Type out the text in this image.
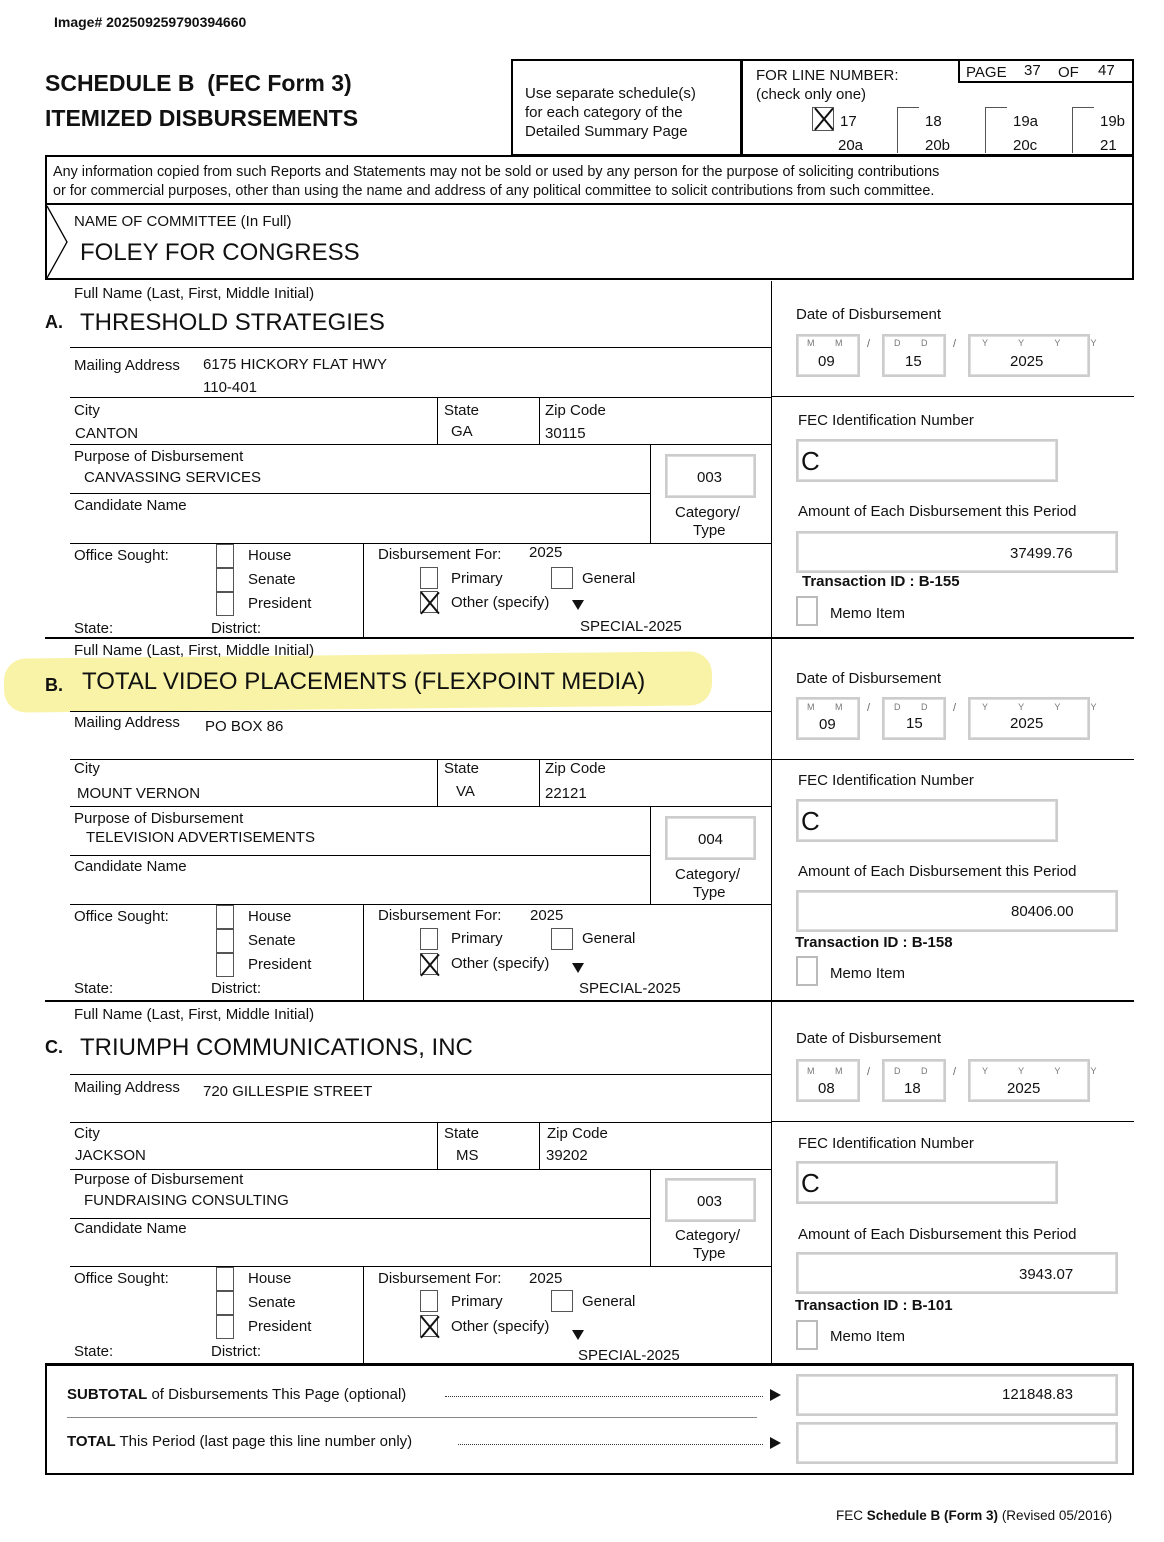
Image# 202509259790394660
SCHEDULE B (FEC Form 3)
ITEMIZED DISBURSEMENTS
Use separate schedule(s)
for each category of the
Detailed Summary Page
FOR LINE NUMBER:
(check only one)
PAGE 37 OF 47
17
20a
18
20b
19a
20c
19b
21
Any information copied from such Reports and Statements may not be sold or used by any person for the purpose of soliciting contributions
or for commercial purposes, other than using the name and address of any political committee to solicit contributions from such committee.
NAME OF COMMITTEE (In Full)
FOLEY FOR CONGRESS
Full Name (Last, First, Middle Initial)
A. THRESHOLD STRATEGIES
Mailing Address 6175 HICKORY FLAT HWY
110-401
City
CANTON
State
GA
Zip Code
30115
Purpose of Disbursement
CANVASSING SERVICES	003
Category/
Type
Candidate Name
Office Sought:	House
Senate
President
State:	District:
Disbursement For: 2025
Primary	General
Other (specify)
SPECIAL-2025
Date of Disbursement
M M	D D	Y Y Y Y
/	/
09	15	2025
FEC Identification Number
C
Amount of Each Disbursement this Period
37499.76
Transaction ID : B-155
Memo Item
Full Name (Last, First, Middle Initial)
B. TOTAL VIDEO PLACEMENTS (FLEXPOINT MEDIA)
Mailing Address PO BOX 86
City
MOUNT VERNON
State
VA
Zip Code
22121
Purpose of Disbursement
TELEVISION ADVERTISEMENTS	004
Category/
Type
Candidate Name
Office Sought:	House
Senate
President
State:	District:
Disbursement For: 2025
Primary	General
Other (specify)
SPECIAL-2025
Date of Disbursement
M M	D D	Y Y Y Y
/	/
09	15	2025
FEC Identification Number
C
Amount of Each Disbursement this Period
80406.00
Transaction ID : B-158
Memo Item
Full Name (Last, First, Middle Initial)
C. TRIUMPH COMMUNICATIONS, INC
Mailing Address 720 GILLESPIE STREET
City
JACKSON
State
MS
Zip Code
39202
Purpose of Disbursement
FUNDRAISING CONSULTING	003
Category/
Type
Candidate Name
Office Sought:	House
Senate
President
State:	District:
Disbursement For: 2025
Primary	General
Other (specify)
SPECIAL-2025
Date of Disbursement
M M	D D	Y Y Y Y
/	/
08	18	2025
FEC Identification Number
C
Amount of Each Disbursement this Period
3943.07
Transaction ID : B-101
Memo Item
SUBTOTAL of Disbursements This Page (optional)	121848.83
TOTAL This Period (last page this line number only)
FEC Schedule B (Form 3) (Revised 05/2016)
